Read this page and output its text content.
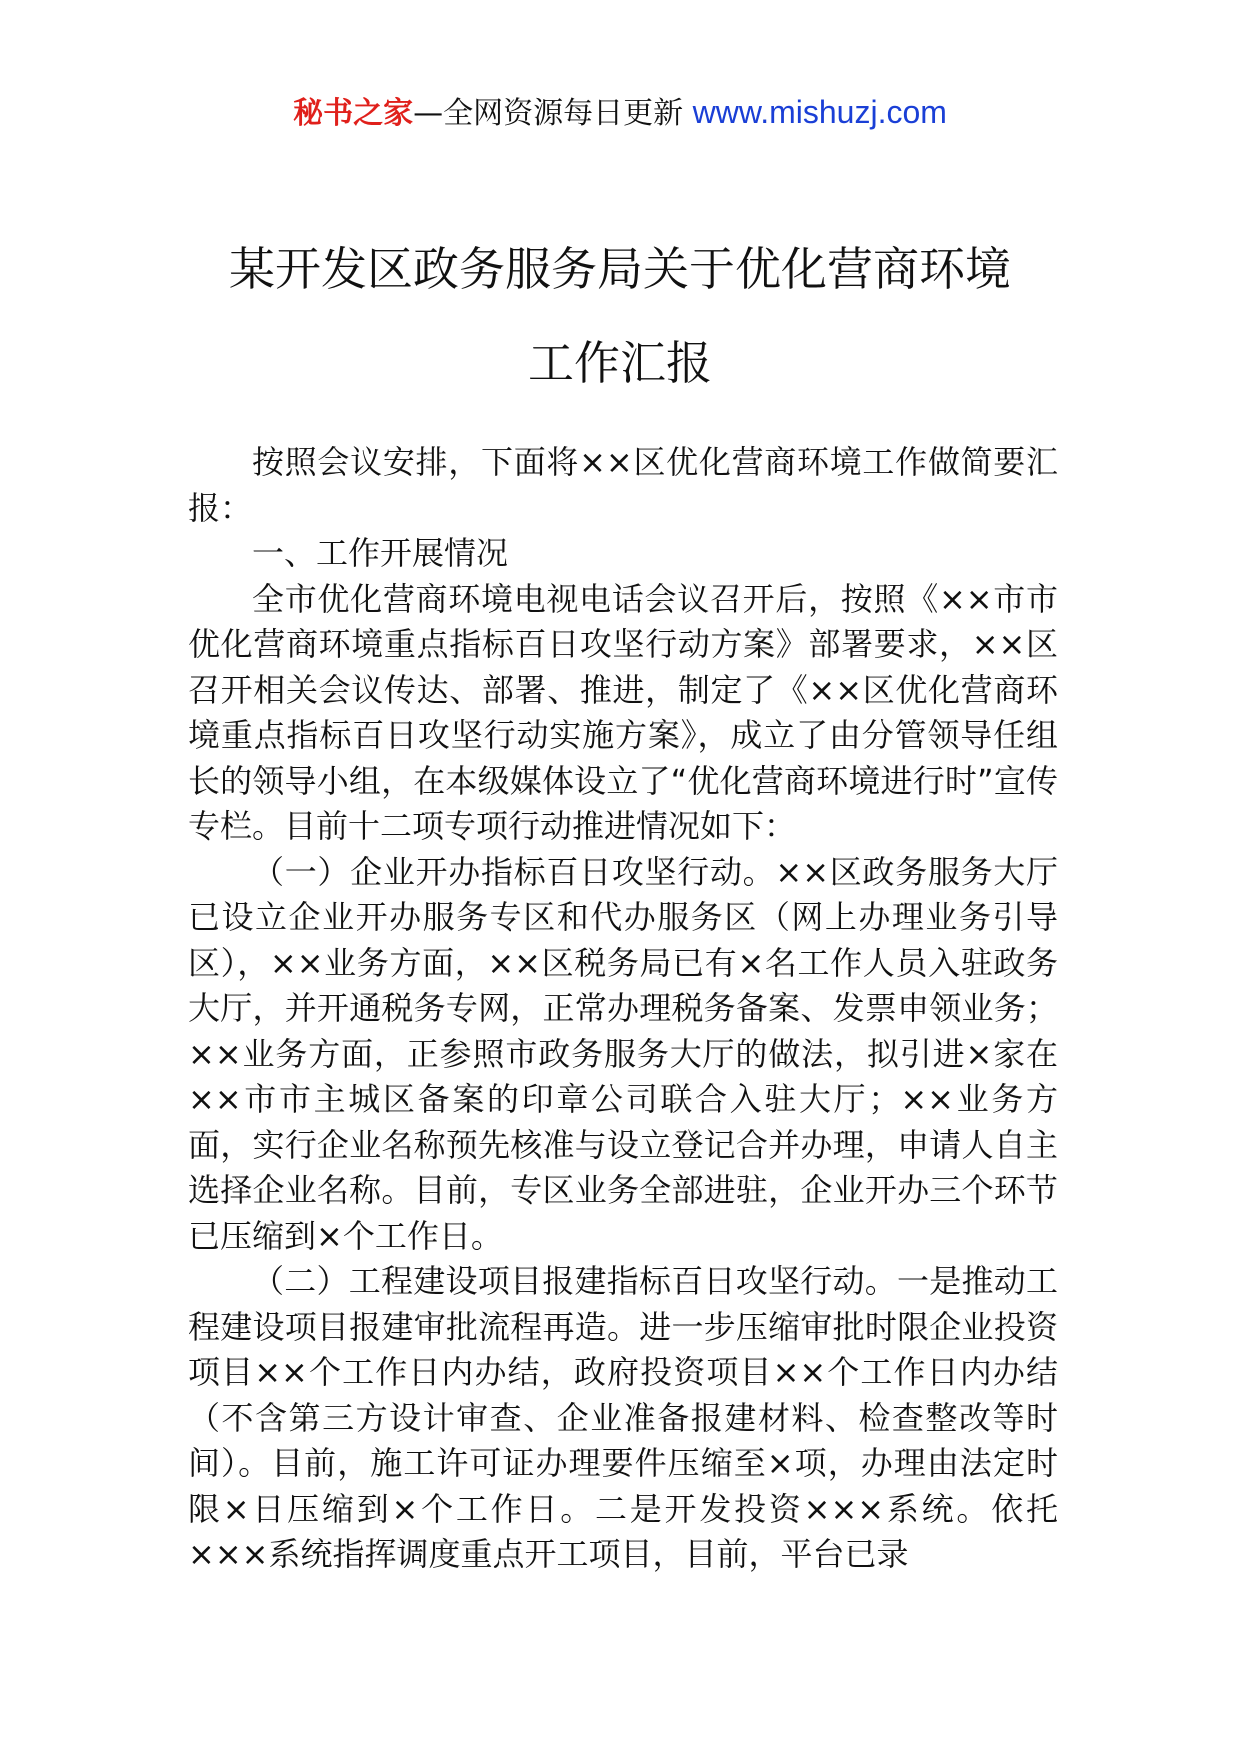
秘书之家—全网资源每日更新 www.mishuzj.com
某开发区政务服务局关于优化营商环境
工作汇报

按照会议安排，下面将××区优化营商环境工作做简要汇报：

一、工作开展情况

全市优化营商环境电视电话会议召开后，按照《××市市优化营商环境重点指标百日攻坚行动方案》部署要求，××区召开相关会议传达、部署、推进，制定了《××区优化营商环境重点指标百日攻坚行动实施方案》，成立了由分管领导任组长的领导小组，在本级媒体设立了“优化营商环境进行时”宣传专栏。目前十二项专项行动推进情况如下：

（一）企业开办指标百日攻坚行动。××区政务服务大厅已设立企业开办服务专区和代办服务区（网上办理业务引导区），××业务方面，××区税务局已有×名工作人员入驻政务大厅，并开通税务专网，正常办理税务备案、发票申领业务；××业务方面，正参照市政务服务大厅的做法，拟引进×家在××市市主城区备案的印章公司联合入驻大厅；××业务方面，实行企业名称预先核准与设立登记合并办理，申请人自主选择企业名称。目前，专区业务全部进驻，企业开办三个环节已压缩到×个工作日。

（二）工程建设项目报建指标百日攻坚行动。一是推动工程建设项目报建审批流程再造。进一步压缩审批时限企业投资项目××个工作日内办结，政府投资项目××个工作日内办结（不含第三方设计审查、企业准备报建材料、检查整改等时间）。目前，施工许可证办理要件压缩至×项，办理由法定时限×日压缩到×个工作日。二是开发投资×××系统。依托×××系统指挥调度重点开工项目，目前，平台已录
